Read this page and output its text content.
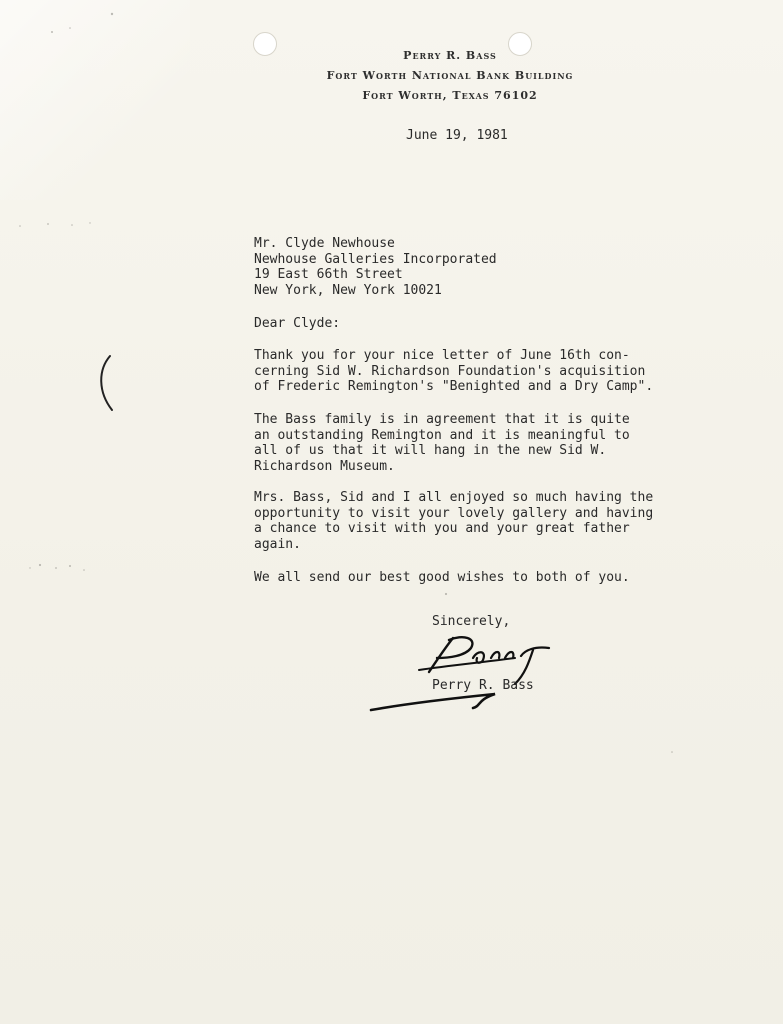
Perry R. Bass
Fort Worth National Bank Building
Fort Worth, Texas 76102
June 19, 1981
Mr. Clyde Newhouse
Newhouse Galleries Incorporated
19 East 66th Street
New York, New York 10021
Dear Clyde:
Thank you for your nice letter of June 16th con-
cerning Sid W. Richardson Foundation's acquisition
of Frederic Remington's "Benighted and a Dry Camp".
The Bass family is in agreement that it is quite
an outstanding Remington and it is meaningful to
all of us that it will hang in the new Sid W.
Richardson Museum.
Mrs. Bass, Sid and I all enjoyed so much having the
opportunity to visit your lovely gallery and having
a chance to visit with you and your great father
again.
We all send our best good wishes to both of you.
Sincerely,
Perry R. Bass
